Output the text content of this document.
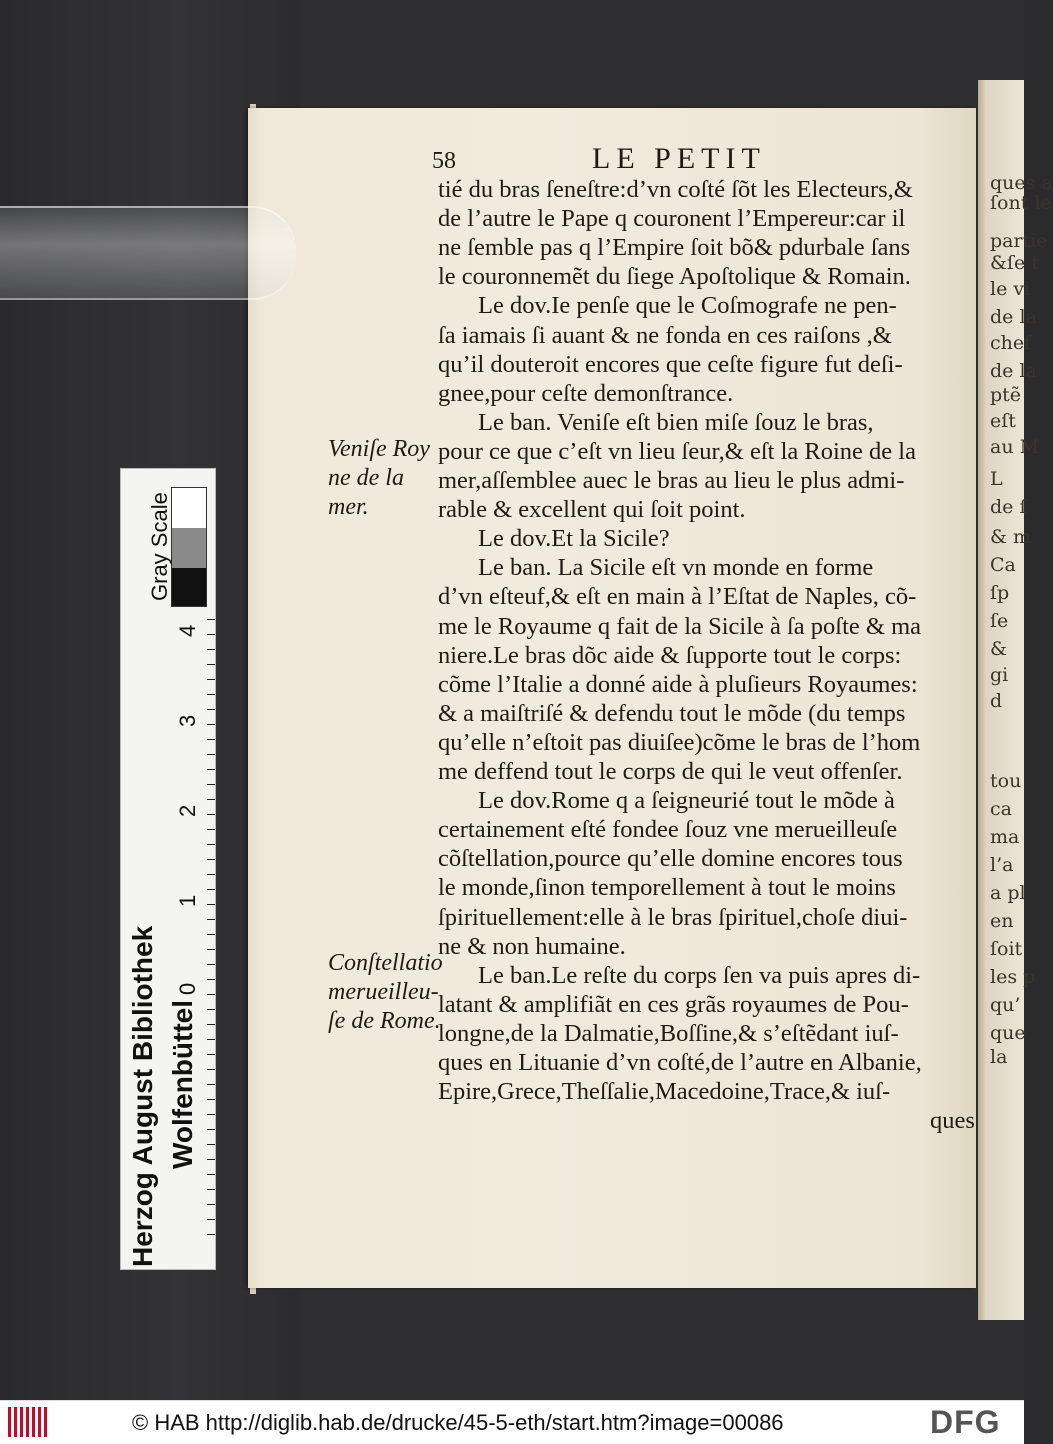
ques a
ſont le
partie
&ſe t
le vi
de la
chef
de la
ptẽ
eſt
au M
L
de ſ
& m
Ca
ſp
ſe
&
gi
d
tou
ca
ma
l’a
a pl
en
ſoit
les p
qu’
que
la
Gray Scale
4
3
2
1
0
Herzog August Bibliothek Wolfenbüttel
58	LE PETIT
tié du bras ſeneſtre:d’vn coſté ſõt les Electeurs,&
de l’autre le Pape q couronent l’Empereur:car il
ne ſemble pas q l’Empire ſoit bõ& pdurbale ſans
le couronnemẽt du ſiege Apoſtolique & Romain.
Le dov.Ie penſe que le Coſmografe ne pen-
ſa iamais ſi auant & ne fonda en ces raiſons ,&
qu’il douteroit encores que ceſte figure fut deſi-
gnee,pour ceſte demonſtrance.
Le ban. Veniſe eſt bien miſe ſouz le bras,
pour ce que c’eſt vn lieu ſeur,& eſt la Roine de la
mer,aſſemblee auec le bras au lieu le plus admi-
rable & excellent qui ſoit point.
Le dov.Et la Sicile?
Le ban. La Sicile eſt vn monde en forme
d’vn eſteuf,& eſt en main à l’Eſtat de Naples, cõ-
me le Royaume q fait de la Sicile à ſa poſte & ma
niere.Le bras dõc aide & ſupporte tout le corps:
cõme l’Italie a donné aide à pluſieurs Royaumes:
& a maiſtriſé & defendu tout le mõde (du temps
qu’elle n’eſtoit pas diuiſee)cõme le bras de l’hom
me deffend tout le corps de qui le veut offenſer.
Le dov.Rome q a ſeigneurié tout le mõde à
certainement eſté fondee ſouz vne merueilleuſe
cõſtellation,pource qu’elle domine encores tous
le monde,ſinon temporellement à tout le moins
ſpirituellement:elle à le bras ſpirituel,choſe diui-
ne & non humaine.
Le ban.Le reſte du corps ſen va puis apres di-
latant & amplifiãt en ces grãs royaumes de Pou-
longne,de la Dalmatie,Boſſine,& s’eſtẽdant iuſ-
ques en Lituanie d’vn coſté,de l’autre en Albanie,
Epire,Grece,Theſſalie,Macedoine,Trace,& iuſ-
ques
Veniſe Roy
ne de la
mer.
Conſtellatio
merueilleu-
ſe de Rome.
© HAB http://diglib.hab.de/drucke/45-5-eth/start.htm?image=00086	DFG
